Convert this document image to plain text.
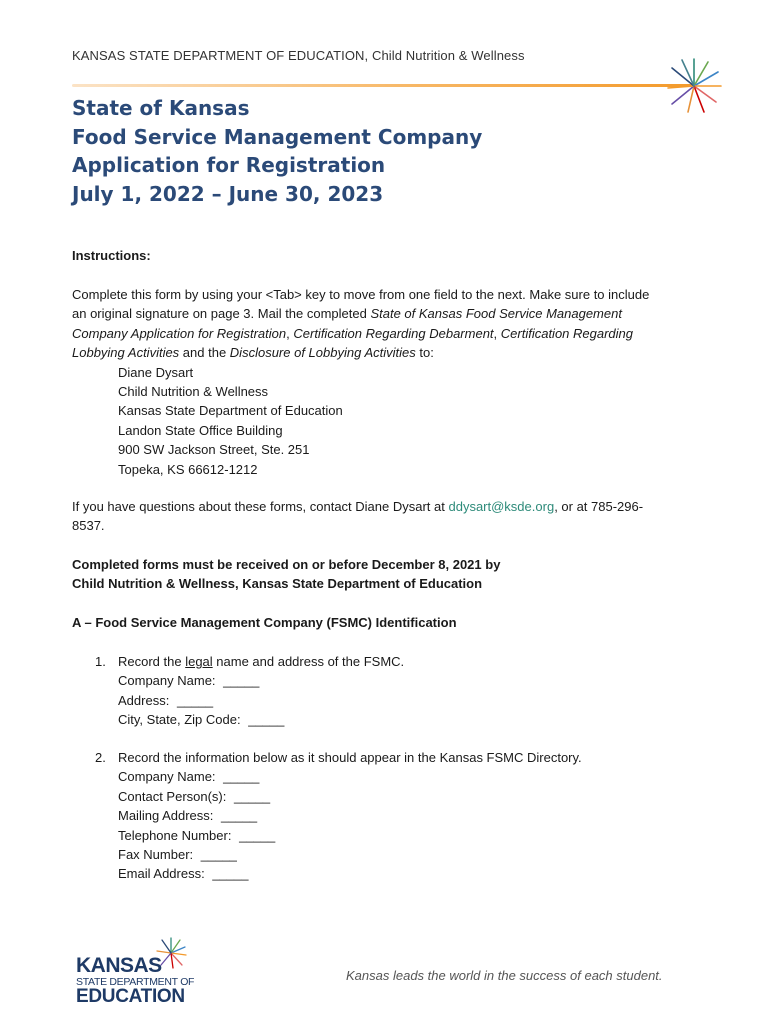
KANSAS STATE DEPARTMENT OF EDUCATION, Child Nutrition & Wellness
State of Kansas
Food Service Management Company
Application for Registration
July 1, 2022 – June 30, 2023
Instructions:
Complete this form by using your <Tab> key to move from one field to the next. Make sure to include an original signature on page 3. Mail the completed State of Kansas Food Service Management Company Application for Registration, Certification Regarding Debarment, Certification Regarding Lobbying Activities and the Disclosure of Lobbying Activities to:
Diane Dysart
Child Nutrition & Wellness
Kansas State Department of Education
Landon State Office Building
900 SW Jackson Street, Ste. 251
Topeka, KS 66612-1212
If you have questions about these forms, contact Diane Dysart at ddysart@ksde.org, or at 785-296-8537.
Completed forms must be received on or before December 8, 2021 by
Child Nutrition & Wellness, Kansas State Department of Education
A – Food Service Management Company (FSMC) Identification
1. Record the legal name and address of the FSMC.
Company Name: _____
Address: _____
City, State, Zip Code: _____
2. Record the information below as it should appear in the Kansas FSMC Directory.
Company Name: _____
Contact Person(s): _____
Mailing Address: _____
Telephone Number: _____
Fax Number: _____
Email Address: _____
KANSAS
STATE DEPARTMENT OF
EDUCATION
Kansas leads the world in the success of each student.
